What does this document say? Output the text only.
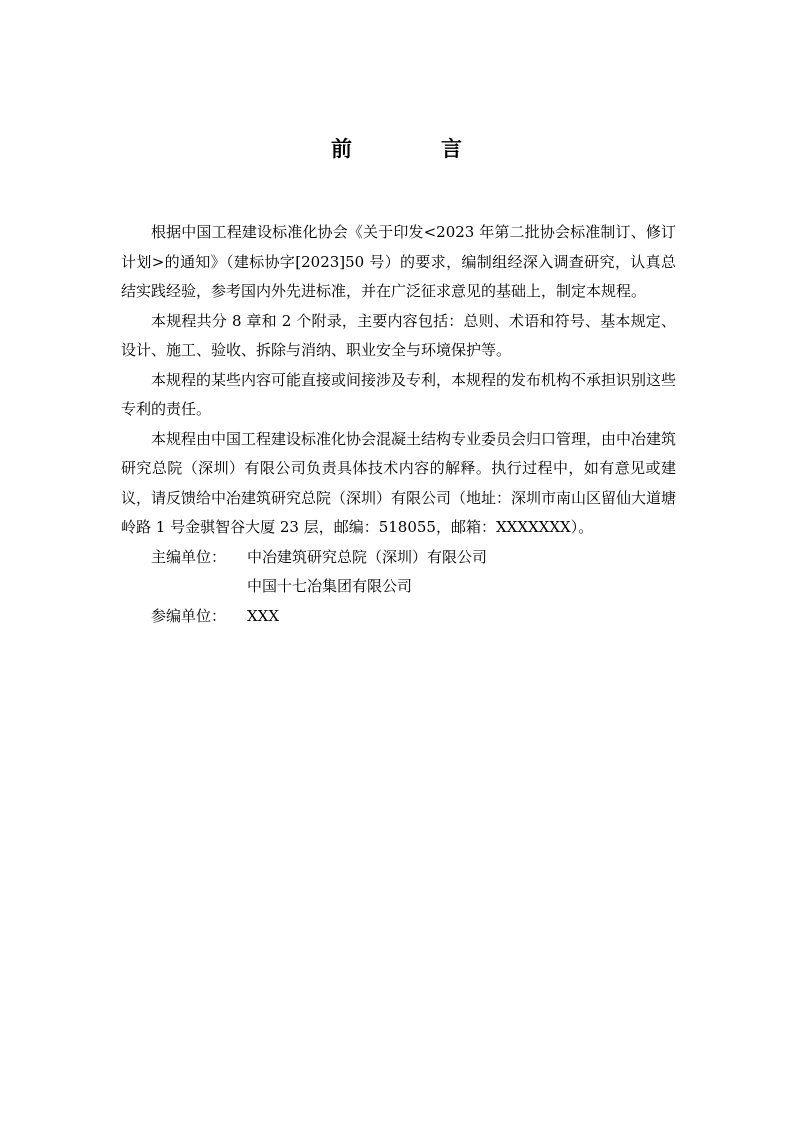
前　言

根据中国工程建设标准化协会《关于印发<2023 年第二批协会标准制订、修订计划>的通知》（建标协字[2023]50 号）的要求，编制组经深入调查研究，认真总结实践经验，参考国内外先进标准，并在广泛征求意见的基础上，制定本规程。

本规程共分 8 章和 2 个附录，主要内容包括：总则、术语和符号、基本规定、设计、施工、验收、拆除与消纳、职业安全与环境保护等。

本规程的某些内容可能直接或间接涉及专利，本规程的发布机构不承担识别这些专利的责任。

本规程由中国工程建设标准化协会混凝土结构专业委员会归口管理，由中冶建筑研究总院（深圳）有限公司负责具体技术内容的解释。执行过程中，如有意见或建议，请反馈给中冶建筑研究总院（深圳）有限公司（地址：深圳市南山区留仙大道塘岭路 1 号金骐智谷大厦 23 层，邮编：518055，邮箱：XXXXXXX）。

主编单位：	中冶建筑研究总院（深圳）有限公司
中国十七冶集团有限公司
参编单位：	XXX
